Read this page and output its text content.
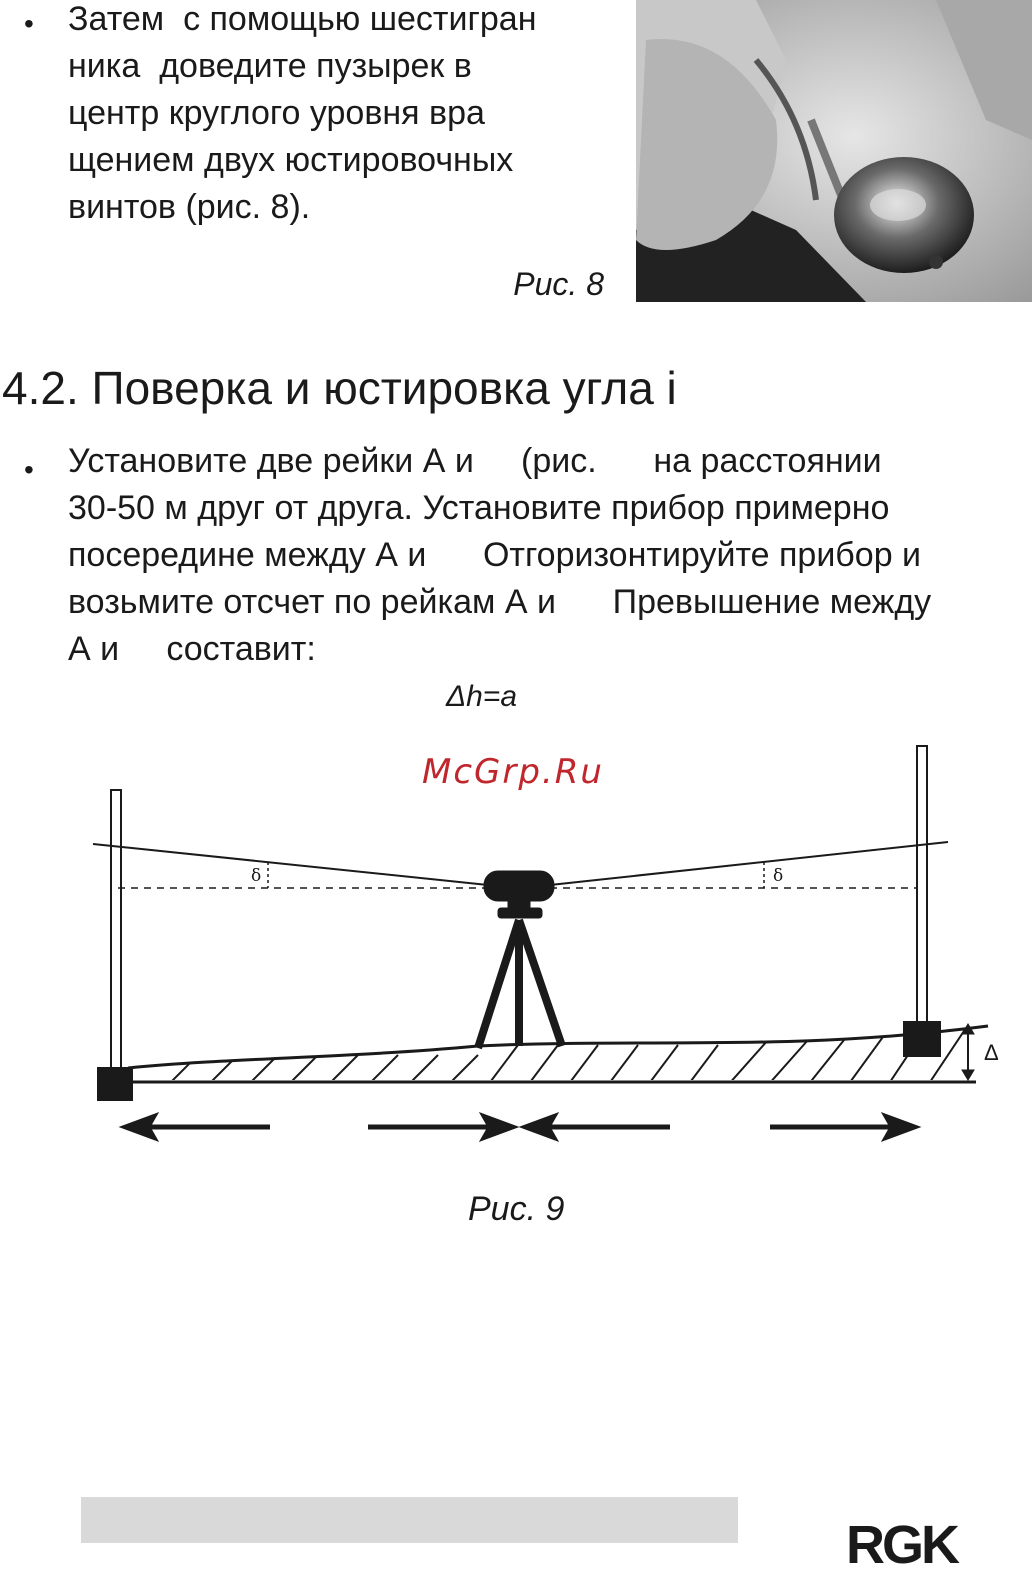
• Затем  с помощью шестигран
ника  доведите пузырек в
центр круглого уровня вра
щением двух юстировочных
винтов (рис. 8).
Рис. 8
4.2. Поверка и юстировка угла i
• Установите две рейки А и     (рис.      на расстоянии
30-50 м друг от друга. Установите прибор примерно
посередине между А и      Отгоризонтируйте прибор и
возьмите отсчет по рейкам А и      Превышение между
А и     составит:
Δh=a
δ	δ
Δ
McGrp.Ru
Рис. 9
RGK
